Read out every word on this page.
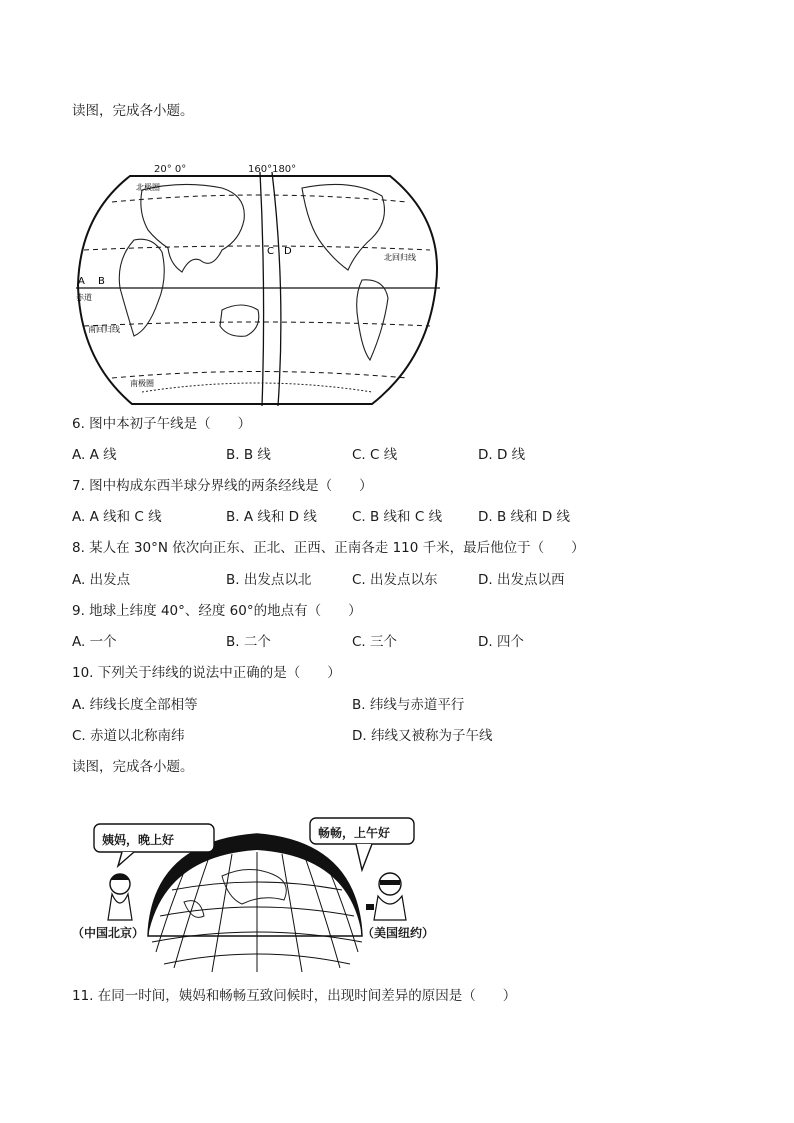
读图，完成各小题。
A B
C D
北极圈
北回归线
赤道
南回归线
南极圈
20° 0°	160°180°
6. 图中本初子午线是（　　）
A. A 线	B. B 线	C. C 线	D. D 线
7. 图中构成东西半球分界线的两条经线是（　　）
A. A 线和 C 线	B. A 线和 D 线	C. B 线和 C 线	D. B 线和 D 线
8. 某人在 30°N 依次向正东、正北、正西、正南各走 110 千米，最后他位于（　　）
A. 出发点	B. 出发点以北	C. 出发点以东	D. 出发点以西
9. 地球上纬度 40°、经度 60°的地点有（　　）
A. 一个	B. 二个	C. 三个	D. 四个
10. 下列关于纬线的说法中正确的是（　　）
A. 纬线长度全部相等	B. 纬线与赤道平行
C. 赤道以北称南纬	D. 纬线又被称为子午线
读图，完成各小题。
姨妈，晚上好	畅畅，上午好
（中国北京）	（美国纽约）
11. 在同一时间，姨妈和畅畅互致问候时，出现时间差异的原因是（　　）
